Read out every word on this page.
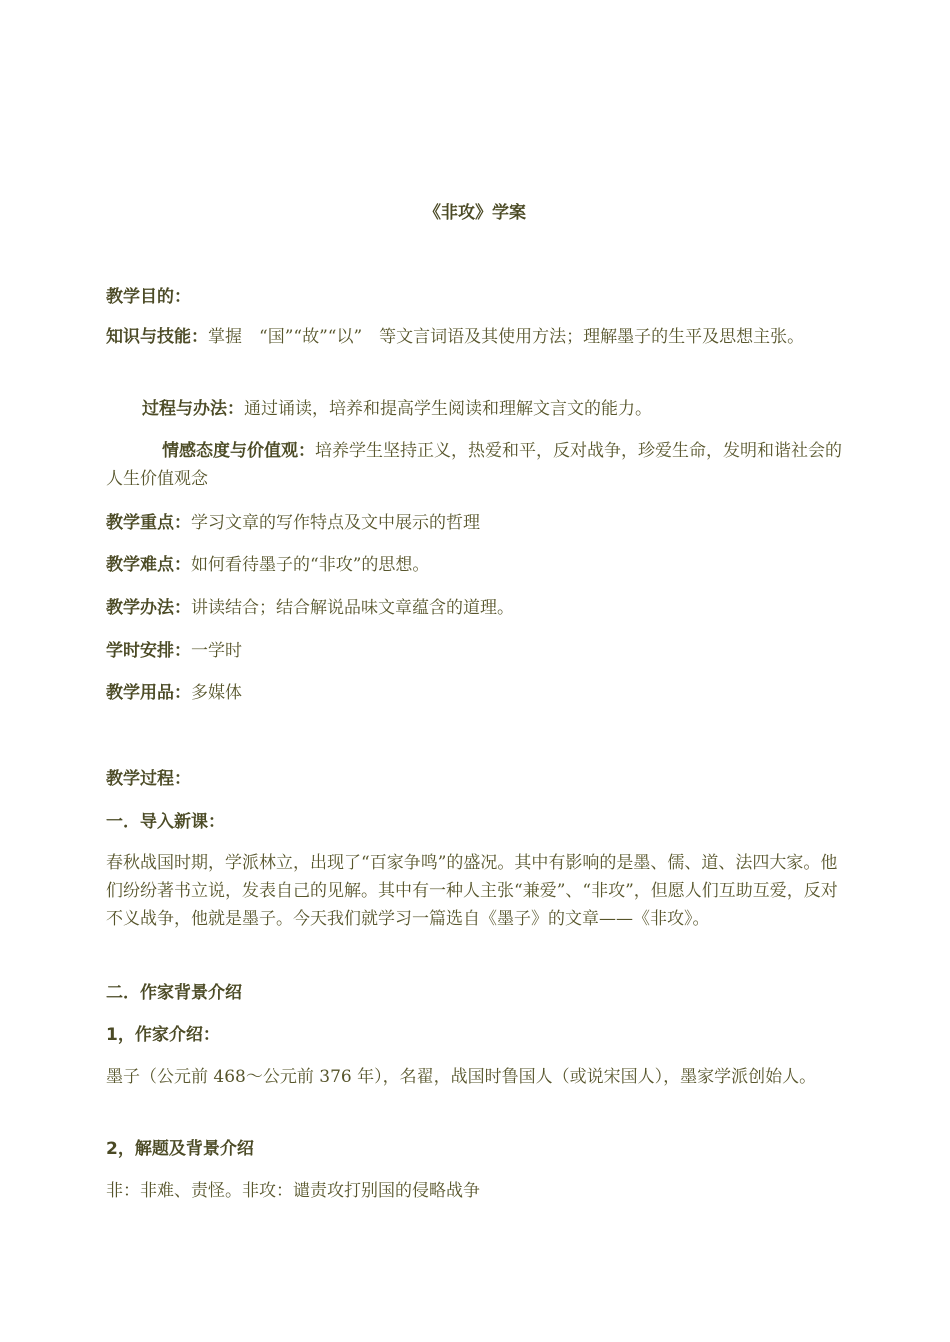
《非攻》学案
教学目的：
知识与技能：掌握　“国”“故”“以”　等文言词语及其使用方法；理解墨子的生平及思想主张。
过程与办法：通过诵读，培养和提高学生阅读和理解文言文的能力。
情感态度与价值观：培养学生坚持正义，热爱和平，反对战争，珍爱生命，发明和谐社会的人生价值观念
教学重点：学习文章的写作特点及文中展示的哲理
教学难点：如何看待墨子的“非攻”的思想。
教学办法：讲读结合；结合解说品味文章蕴含的道理。
学时安排：一学时
教学用品：多媒体
教学过程：
一．导入新课：
春秋战国时期，学派林立，出现了“百家争鸣”的盛况。其中有影响的是墨、儒、道、法四大家。他们纷纷著书立说，发表自己的见解。其中有一种人主张“兼爱”、“非攻”，但愿人们互助互爱，反对不义战争，他就是墨子。今天我们就学习一篇选自《墨子》的文章——《非攻》。
二．作家背景介绍
1，作家介绍：
墨子（公元前 468～公元前 376 年），名翟，战国时鲁国人（或说宋国人），墨家学派创始人。
2，解题及背景介绍
非：非难、责怪。非攻：谴责攻打别国的侵略战争
